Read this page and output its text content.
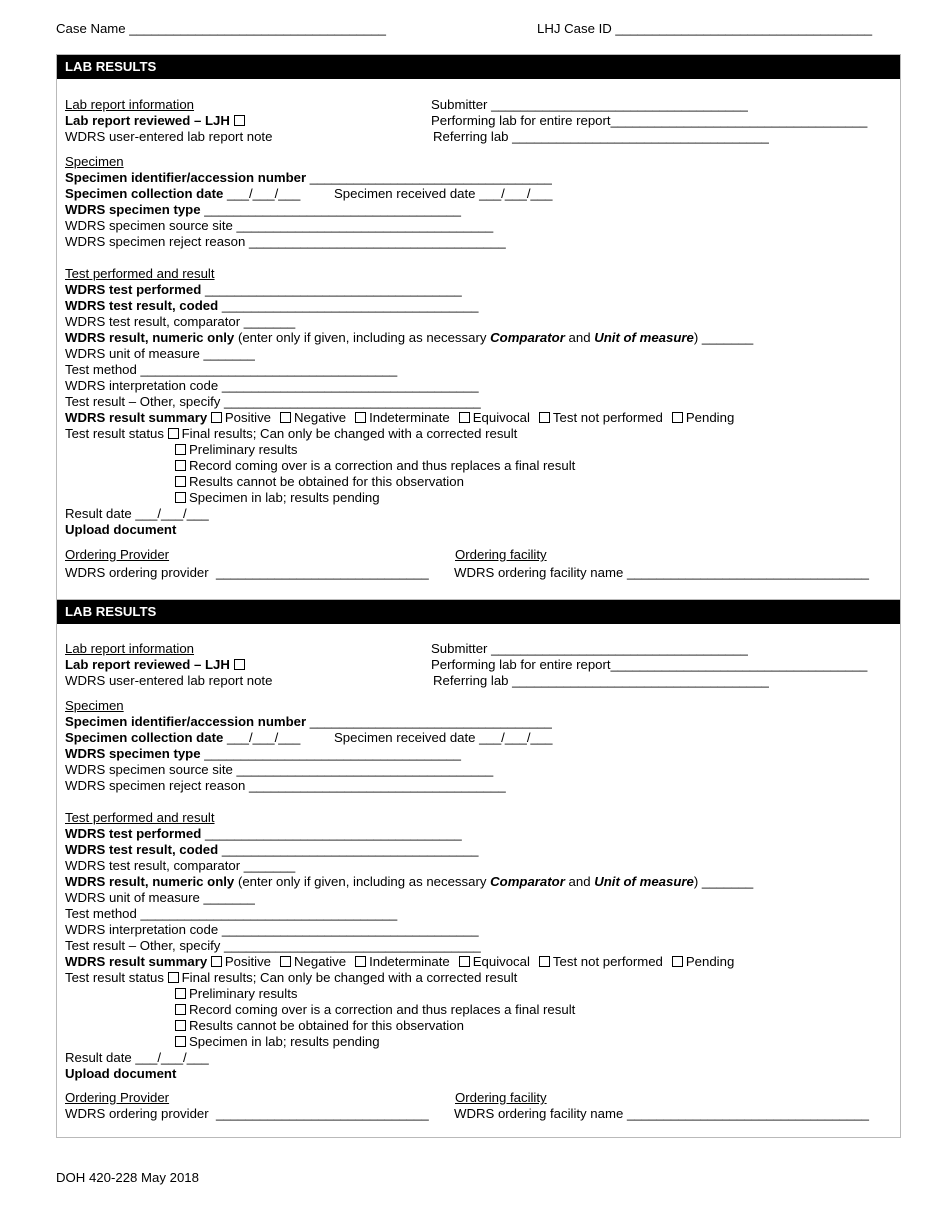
Case Name ___________________________________	LHJ Case ID ___________________________________
LAB RESULTS
Lab report information	Submitter ___________________________________
Lab report reviewed – LJH	Performing lab for entire report___________________________________
WDRS user-entered lab report note	Referring lab ___________________________________
Specimen
Specimen identifier/accession number _________________________________
Specimen collection date ___/___/___	Specimen received date ___/___/___
WDRS specimen type ___________________________________
WDRS specimen source site ___________________________________
WDRS specimen reject reason ___________________________________
Test performed and result
WDRS test performed ___________________________________
WDRS test result, coded ___________________________________
WDRS test result, comparator _______
WDRS result, numeric only (enter only if given, including as necessary Comparator and Unit of measure) _______
WDRS unit of measure _______
Test method ___________________________________
WDRS interpretation code ___________________________________
Test result – Other, specify ___________________________________
WDRS result summary Positive Negative Indeterminate Equivocal Test not performed Pending
Test result status Final results; Can only be changed with a corrected result
Preliminary results
Record coming over is a correction and thus replaces a final result
Results cannot be obtained for this observation
Specimen in lab; results pending
Result date ___/___/___
Upload document
Ordering Provider	Ordering facility
WDRS ordering provider  _____________________________ WDRS ordering facility name _________________________________
LAB RESULTS
Lab report information	Submitter ___________________________________
Lab report reviewed – LJH	Performing lab for entire report___________________________________
WDRS user-entered lab report note	Referring lab ___________________________________
Specimen
Specimen identifier/accession number _________________________________
Specimen collection date ___/___/___	Specimen received date ___/___/___
WDRS specimen type ___________________________________
WDRS specimen source site ___________________________________
WDRS specimen reject reason ___________________________________
Test performed and result
WDRS test performed ___________________________________
WDRS test result, coded ___________________________________
WDRS test result, comparator _______
WDRS result, numeric only (enter only if given, including as necessary Comparator and Unit of measure) _______
WDRS unit of measure _______
Test method ___________________________________
WDRS interpretation code ___________________________________
Test result – Other, specify ___________________________________
WDRS result summary Positive Negative Indeterminate Equivocal Test not performed Pending
Test result status Final results; Can only be changed with a corrected result
Preliminary results
Record coming over is a correction and thus replaces a final result
Results cannot be obtained for this observation
Specimen in lab; results pending
Result date ___/___/___
Upload document
Ordering Provider	Ordering facility
WDRS ordering provider  _____________________________ WDRS ordering facility name _________________________________
DOH 420-228 May 2018
